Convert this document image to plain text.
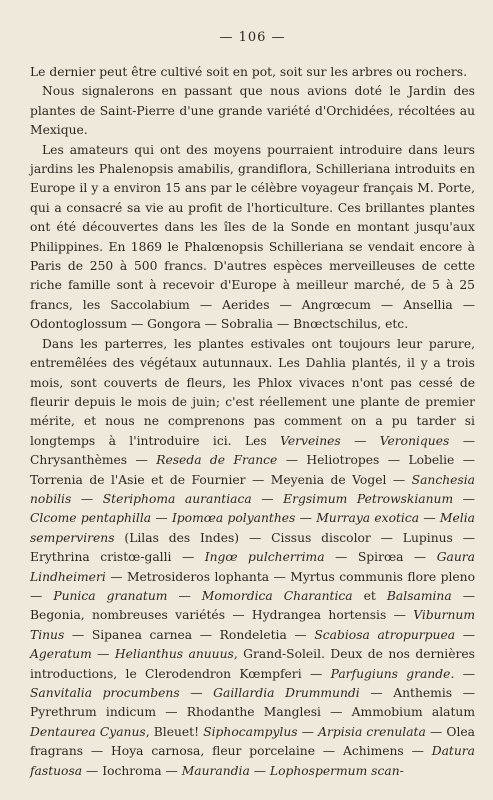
— 106 —

Le dernier peut être cultivé soit en pot, soit sur les arbres ou rochers.

Nous signalerons en passant que nous avions doté le Jardin des plantes de Saint-Pierre d'une grande variété d'Orchidées, récoltées au Mexique.

Les amateurs qui ont des moyens pourraient introduire dans leurs jardins les Phalenopsis amabilis, grandiflora, Schilleriana introduits en Europe il y a environ 15 ans par le célèbre voyageur français M. Porte, qui a consacré sa vie au profit de l'horticulture. Ces brillantes plantes ont été découvertes dans les îles de la Sonde en montant jusqu'aux Philippines. En 1869 le Phalœnopsis Schilleriana se vendait encore à Paris de 250 à 500 francs. D'autres espèces merveilleuses de cette riche famille sont à recevoir d'Europe à meilleur marché, de 5 à 25 francs, les Saccolabium — Aerides — Angrœcum — Ansellia — Odontoglossum — Gongora — Sobralia — Bnœctschilus, etc.

Dans les parterres, les plantes estivales ont toujours leur parure, entremêlées des végétaux autunnaux. Les Dahlia plantés, il y a trois mois, sont couverts de fleurs, les Phlox vivaces n'ont pas cessé de fleurir depuis le mois de juin; c'est réellement une plante de premier mérite, et nous ne comprenons pas comment on a pu tarder si longtemps à l'introduire ici. Les Verveines — Veroniques — Chrysanthèmes — Reseda de France — Heliotropes — Lobelie — Torrenia de l'Asie et de Fournier — Meyenia de Vogel — Sanchesia nobilis — Steriphoma aurantiaca — Ergsimum Petrowskianum — Clcome pentaphilla — Ipomœa polyanthes — Murraya exotica — Melia sempervirens (Lilas des Indes) — Cissus discolor — Lupinus — Erythrina cristœ-galli — Ingœ pulcherrima — Spirœa — Gaura Lindheimeri — Metrosideros lophanta — Myrtus communis flore pleno — Punica granatum — Momordica Charantica et Balsamina — Begonia, nombreuses variétés — Hydrangea hortensis — Viburnum Tinus — Sipanea carnea — Rondeletia — Scabiosa atropurpuea — Ageratum — Helianthus anuuus, Grand-Soleil. Deux de nos dernières introductions, le Clerodendron Kœmpferi — Parfugiuns grande. — Sanvitalia procumbens — Gaillardia Drummundi — Anthemis — Pyrethrum indicum — Rhodanthe Manglesi — Ammobium alatum Dentaurea Cyanus, Bleuet! Siphocampylus — Arpisia crenulata — Olea fragrans — Hoya carnosa, fleur porcelaine — Achimens — Datura fastuosa — Iochroma — Maurandia — Lophospermum scan-
